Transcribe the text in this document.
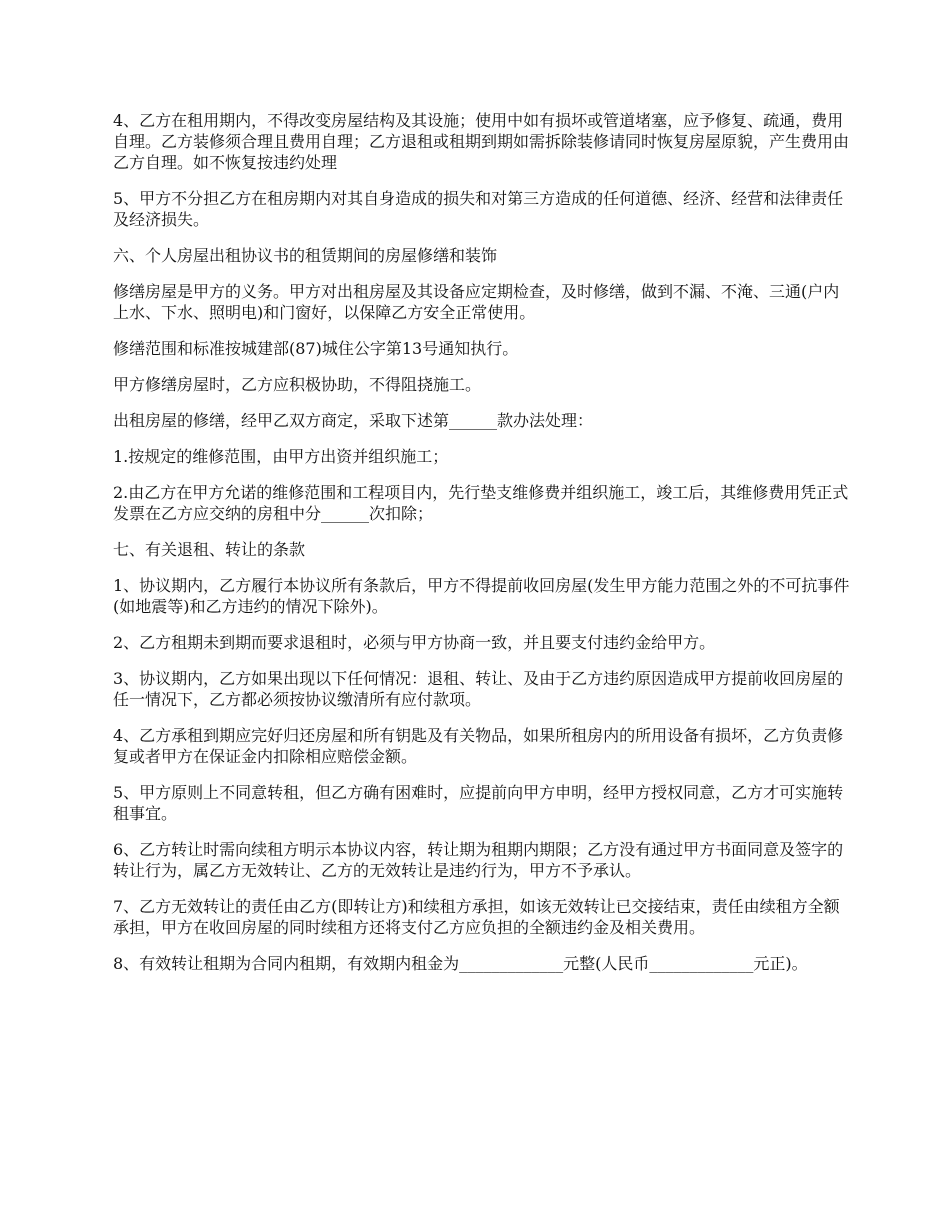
4、乙方在租用期内，不得改变房屋结构及其设施；使用中如有损坏或管道堵塞，应予修复、疏通，费用自理。乙方装修须合理且费用自理；乙方退租或租期到期如需拆除装修请同时恢复房屋原貌，产生费用由乙方自理。如不恢复按违约处理

5、甲方不分担乙方在租房期内对其自身造成的损失和对第三方造成的任何道德、经济、经营和法律责任及经济损失。

六、个人房屋出租协议书的租赁期间的房屋修缮和装饰

修缮房屋是甲方的义务。甲方对出租房屋及其设备应定期检查，及时修缮，做到不漏、不淹、三通(户内上水、下水、照明电)和门窗好，以保障乙方安全正常使用。

修缮范围和标准按城建部(87)城住公字第13号通知执行。

甲方修缮房屋时，乙方应积极协助，不得阻挠施工。

出租房屋的修缮，经甲乙双方商定，采取下述第______款办法处理：

1.按规定的维修范围，由甲方出资并组织施工；

2.由乙方在甲方允诺的维修范围和工程项目内，先行垫支维修费并组织施工，竣工后，其维修费用凭正式发票在乙方应交纳的房租中分______次扣除；

七、有关退租、转让的条款

1、协议期内，乙方履行本协议所有条款后，甲方不得提前收回房屋(发生甲方能力范围之外的不可抗事件(如地震等)和乙方违约的情况下除外)。

2、乙方租期未到期而要求退租时，必须与甲方协商一致，并且要支付违约金给甲方。

3、协议期内，乙方如果出现以下任何情况：退租、转让、及由于乙方违约原因造成甲方提前收回房屋的任一情况下，乙方都必须按协议缴清所有应付款项。

4、乙方承租到期应完好归还房屋和所有钥匙及有关物品，如果所租房内的所用设备有损坏，乙方负责修复或者甲方在保证金内扣除相应赔偿金额。

5、甲方原则上不同意转租，但乙方确有困难时，应提前向甲方申明，经甲方授权同意，乙方才可实施转租事宜。

6、乙方转让时需向续租方明示本协议内容，转让期为租期内期限；乙方没有通过甲方书面同意及签字的转让行为，属乙方无效转让、乙方的无效转让是违约行为，甲方不予承认。

7、乙方无效转让的责任由乙方(即转让方)和续租方承担，如该无效转让已交接结束，责任由续租方全额承担，甲方在收回房屋的同时续租方还将支付乙方应负担的全额违约金及相关费用。

8、有效转让租期为合同内租期，有效期内租金为_____________元整(人民币_____________元正)。
